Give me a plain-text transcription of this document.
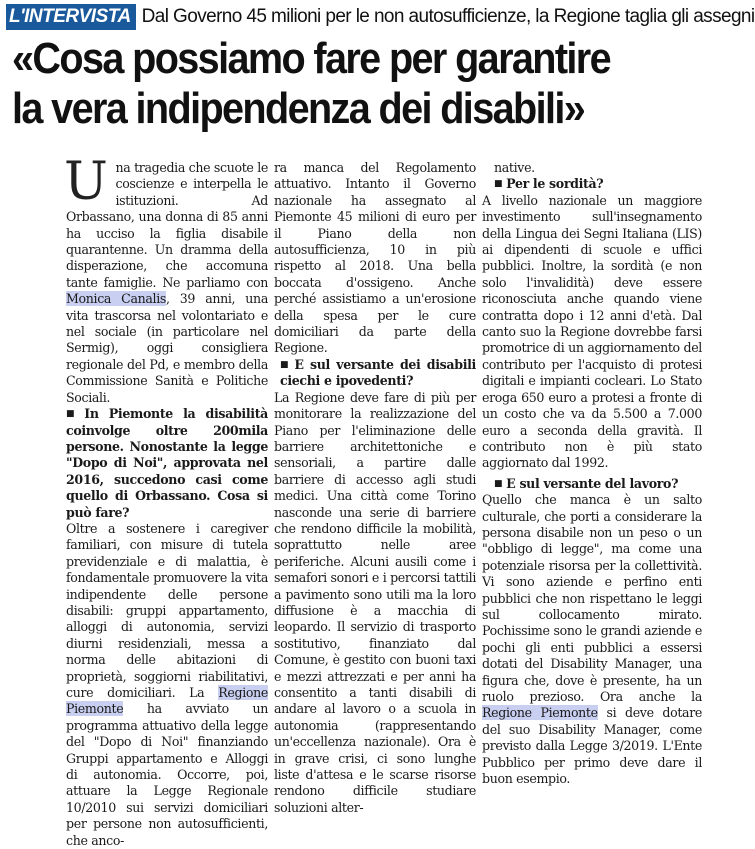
L'INTERVISTA Dal Governo 45 milioni per le non autosufficienze, la Regione taglia gli assegni
«Cosa possiamo fare per garantire
la vera indipendenza dei disabili»

Una tragedia che scuote le coscienze e interpella le istituzioni. Ad Orbassano, una donna di 85 anni ha ucciso la figlia disabile quarantenne. Un dramma della disperazione, che accomuna tante famiglie. Ne parliamo con Monica Canalis, 39 anni, una vita trascorsa nel volontariato e nel sociale (in particolare nel Sermig), oggi consigliera regionale del Pd, e membro della Commissione Sanità e Politiche Sociali.

■ In Piemonte la disabilità coinvolge oltre 200mila persone. Nonostante la legge "Dopo di Noi", approvata nel 2016, succedono casi come quello di Orbassano. Cosa si può fare?

Oltre a sostenere i caregiver familiari, con misure di tutela previdenziale e di malattia, è fondamentale promuovere la vita indipendente delle persone disabili: gruppi appartamento, alloggi di autonomia, servizi diurni residenziali, messa a norma delle abitazioni di proprietà, soggiorni riabilitativi, cure domiciliari. La Regione Piemonte ha avviato un programma attuativo della legge del "Dopo di Noi" finanziando Gruppi appartamento e Alloggi di autonomia. Occorre, poi, attuare la Legge Regionale 10/2010 sui servizi domiciliari per persone non autosufficienti, che anco-

ra manca del Regolamento attuativo. Intanto il Governo nazionale ha assegnato al Piemonte 45 milioni di euro per il Piano della non autosufficienza, 10 in più rispetto al 2018. Una bella boccata d'ossigeno. Anche perché assistiamo a un'erosione della spesa per le cure domiciliari da parte della Regione.

■ E sul versante dei disabili ciechi e ipovedenti?

La Regione deve fare di più per monitorare la realizzazione del Piano per l'eliminazione delle barriere architettoniche e sensoriali, a partire dalle barriere di accesso agli studi medici. Una città come Torino nasconde una serie di barriere che rendono difficile la mobilità, soprattutto nelle aree periferiche. Alcuni ausili come i semafori sonori e i percorsi tattili a pavimento sono utili ma la loro diffusione è a macchia di leopardo. Il servizio di trasporto sostitutivo, finanziato dal Comune, è gestito con buoni taxi e mezzi attrezzati e per anni ha consentito a tanti disabili di andare al lavoro o a scuola in autonomia (rappresentando un'eccellenza nazionale). Ora è in grave crisi, ci sono lunghe liste d'attesa e le scarse risorse rendono difficile studiare soluzioni alter-

native.

■ Per le sordità?

A livello nazionale un maggiore investimento sull'insegnamento della Lingua dei Segni Italiana (LIS) ai dipendenti di scuole e uffici pubblici. Inoltre, la sordità (e non solo l'invalidità) deve essere riconosciuta anche quando viene contratta dopo i 12 anni d'età. Dal canto suo la Regione dovrebbe farsi promotrice di un aggiornamento del contributo per l'acquisto di protesi digitali e impianti cocleari. Lo Stato eroga 650 euro a protesi a fronte di un costo che va da 5.500 a 7.000 euro a seconda della gravità. Il contributo non è più stato aggiornato dal 1992.

■ E sul versante del lavoro?

Quello che manca è un salto culturale, che porti a considerare la persona disabile non un peso o un "obbligo di legge", ma come una potenziale risorsa per la collettività. Vi sono aziende e perfino enti pubblici che non rispettano le leggi sul collocamento mirato. Pochissime sono le grandi aziende e pochi gli enti pubblici a essersi dotati del Disability Manager, una figura che, dove è presente, ha un ruolo prezioso. Ora anche la Regione Piemonte si deve dotare del suo Disability Manager, come previsto dalla Legge 3/2019. L'Ente Pubblico per primo deve dare il buon esempio.
